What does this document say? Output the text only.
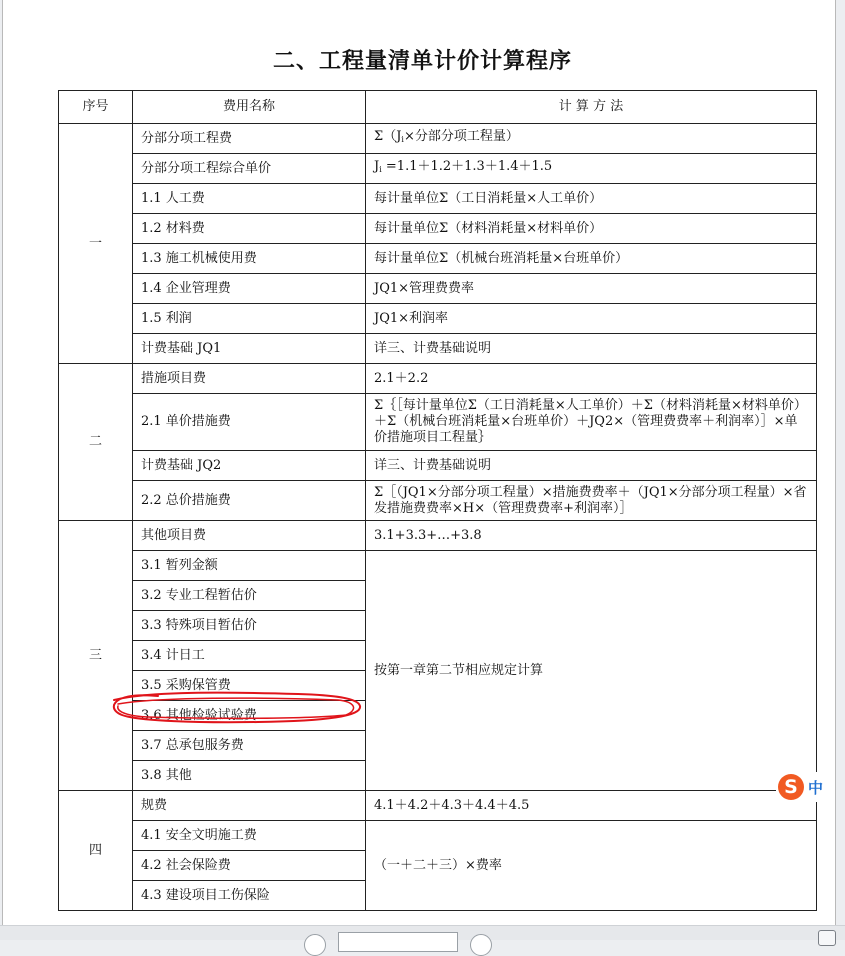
二、工程量清单计价计算程序
序号	费用名称	计 算 方 法
一	分部分项工程费	$\Sigma(J_i\times$分部分项工程量）
	分部分项工程综合单价	$J_i =1.1+1.2+1.3+1.4+1.5$
	1.1 人工费	每计量单位Σ（工日消耗量×人工单价）
	1.2 材料费	每计量单位Σ（材料消耗量×材料单价）
	1.3 施工机械使用费	每计量单位Σ（机械台班消耗量×台班单价）
	1.4 企业管理费	JQ1×管理费费率
	1.5 利润	JQ1×利润率
	计费基础 JQ1	详三、计费基础说明
二	措施项目费	2.1＋2.2
	2.1 单价措施费	Σ｛［每计量单位Σ（工日消耗量×人工单价）＋Σ（材料消耗量×材料单价）＋Σ（机械台班消耗量×台班单价）＋JQ2×（管理费费率＋利润率）］×单价措施项目工程量｝
	计费基础 JQ2	详三、计费基础说明
	2.2 总价措施费	Σ［（JQ1×分部分项工程量）×措施费费率＋（JQ1×分部分项工程量）×省发措施费费率×H×（管理费费率+利润率）］
三	其他项目费	3.1+3.3+…+3.8
	3.1 暂列金额	按第一章第二节相应规定计算
	3.2 专业工程暂估价	
	3.3 特殊项目暂估价	
	3.4 计日工	
	3.5 采购保管费	
	3.6 其他检验试验费	
	3.7 总承包服务费	
	3.8 其他	
四	规费	4.1＋4.2＋4.3＋4.4＋4.5
	4.1 安全文明施工费	（一＋二＋三）×费率
	4.2 社会保险费	
	4.3 建设项目工伤保险	
S 中
